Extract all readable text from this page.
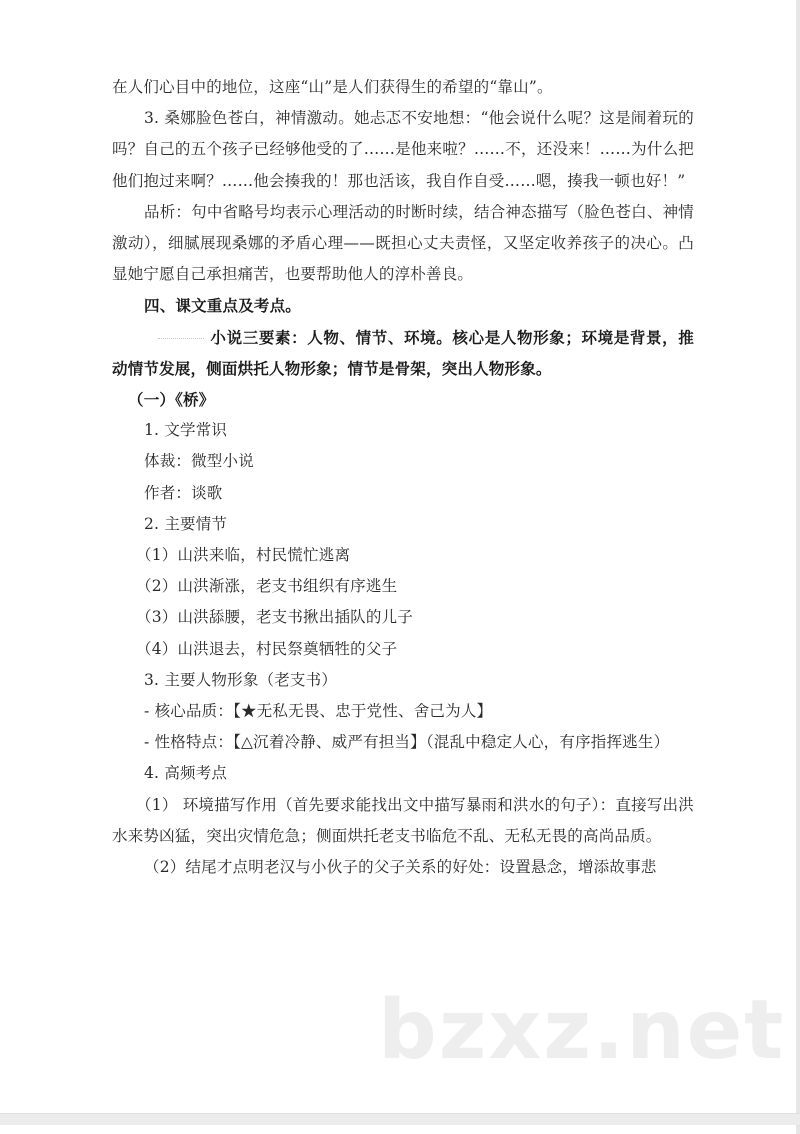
在人们心目中的地位，这座“山”是人们获得生的希望的“靠山”。

3. 桑娜脸色苍白，神情激动。她忐忑不安地想：“他会说什么呢？这是闹着玩的吗？自己的五个孩子已经够他受的了……是他来啦？……不，还没来！……为什么把他们抱过来啊？……他会揍我的！那也活该，我自作自受……嗯，揍我一顿也好！”

品析：句中省略号均表示心理活动的时断时续，结合神态描写（脸色苍白、神情激动），细腻展现桑娜的矛盾心理——既担心丈夫责怪，又坚定收养孩子的决心。凸显她宁愿自己承担痛苦，也要帮助他人的淳朴善良。

四、课文重点及考点。

小说三要素：人物、情节、环境。核心是人物形象；环境是背景，推动情节发展，侧面烘托人物形象；情节是骨架，突出人物形象。

（一）《桥》

1. 文学常识

体裁：微型小说

作者：谈歌

2. 主要情节

（1）山洪来临，村民慌忙逃离

（2）山洪渐涨，老支书组织有序逃生

（3）山洪舔腰，老支书揪出插队的儿子

（4）山洪退去，村民祭奠牺牲的父子

3. 主要人物形象（老支书）

- 核心品质：【★无私无畏、忠于党性、舍己为人】

- 性格特点：【△沉着冷静、威严有担当】（混乱中稳定人心，有序指挥逃生）

4. 高频考点

（1） 环境描写作用（首先要求能找出文中描写暴雨和洪水的句子）：直接写出洪水来势凶猛，突出灾情危急；侧面烘托老支书临危不乱、无私无畏的高尚品质。

（2）结尾才点明老汉与小伙子的父子关系的好处：设置悬念，增添故事悲

bzxz.net
